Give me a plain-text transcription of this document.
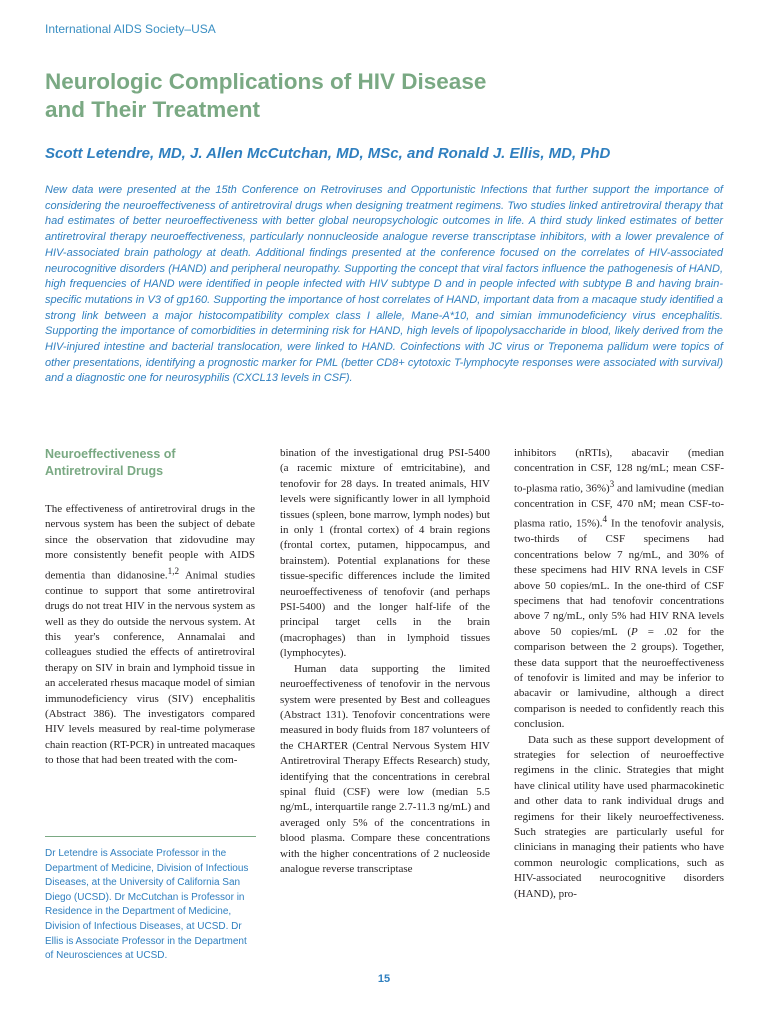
International AIDS Society–USA
Neurologic Complications of HIV Disease
and Their Treatment

Scott Letendre, MD, J. Allen McCutchan, MD, MSc, and Ronald J. Ellis, MD, PhD

New data were presented at the 15th Conference on Retroviruses and Opportunistic Infections that further support the importance of considering the neuroeffectiveness of antiretroviral drugs when designing treatment regimens. Two studies linked antiretroviral therapy that had estimates of better neuroeffectiveness with better global neuropsychologic outcomes in life. A third study linked estimates of better antiretroviral therapy neuroeffectiveness, particularly nonnucleoside analogue reverse transcriptase inhibitors, with a lower prevalence of HIV-associated brain pathology at death. Additional findings presented at the conference focused on the correlates of HIV-associated neurocognitive disorders (HAND) and peripheral neuropathy. Supporting the concept that viral factors influence the pathogenesis of HAND, high frequencies of HAND were identified in people infected with HIV subtype D and in people infected with subtype B and having brain-specific mutations in V3 of gp160. Supporting the importance of host correlates of HAND, important data from a macaque study identified a strong link between a major histocompatibility complex class I allele, Mane-A*10, and simian immunodeficiency virus encephalitis. Supporting the importance of comorbidities in determining risk for HAND, high levels of lipopolysaccharide in blood, likely derived from the HIV-injured intestine and bacterial translocation, were linked to HAND. Coinfections with JC virus or Treponema pallidum were topics of other presentations, identifying a prognostic marker for PML (better CD8+ cytotoxic T-lymphocyte responses were associated with survival) and a diagnostic one for neurosyphilis (CXCL13 levels in CSF).

Neuroeffectiveness of
Antiretroviral Drugs

The effectiveness of antiretroviral drugs in the nervous system has been the subject of debate since the observation that zidovudine may more consistently benefit people with AIDS dementia than didanosine.$^{1,2}$ Animal studies continue to support that some antiretroviral drugs do not treat HIV in the nervous system as well as they do outside the nervous system. At this year's conference, Annamalai and colleagues studied the effects of antiretroviral therapy on SIV in brain and lymphoid tissue in an accelerated rhesus macaque model of simian immunodeficiency virus (SIV) encephalitis (Abstract 386). The investigators compared HIV levels measured by real-time polymerase chain reaction (RT-PCR) in untreated macaques to those that had been treated with the com-

bination of the investigational drug PSI-5400 (a racemic mixture of emtricitabine), and tenofovir for 28 days. In treated animals, HIV levels were significantly lower in all lymphoid tissues (spleen, bone marrow, lymph nodes) but in only 1 (frontal cortex) of 4 brain regions (frontal cortex, putamen, hippocampus, and brainstem). Potential explanations for these tissue-specific differences include the limited neuroeffectiveness of tenofovir (and perhaps PSI-5400) and the longer half-life of the principal target cells in the brain (macrophages) than in lymphoid tissues (lymphocytes).

Human data supporting the limited neuroeffectiveness of tenofovir in the nervous system were presented by Best and colleagues (Abstract 131). Tenofovir concentrations were measured in body fluids from 187 volunteers of the CHARTER (Central Nervous System HIV Antiretroviral Therapy Effects Research) study, identifying that the concentrations in cerebral spinal fluid (CSF) were low (median 5.5 ng/mL, interquartile range 2.7-11.3 ng/mL) and averaged only 5% of the concentrations in blood plasma. Compare these concentrations with the higher concentrations of 2 nucleoside analogue reverse transcriptase

inhibitors (nRTIs), abacavir (median concentration in CSF, 128 ng/mL; mean CSF-to-plasma ratio, 36%)$^3$ and lamivudine (median concentration in CSF, 470 nM; mean CSF-to-plasma ratio, 15%).$^4$ In the tenofovir analysis, two-thirds of CSF specimens had concentrations below 7 ng/mL, and 30% of these specimens had HIV RNA levels in CSF above 50 copies/mL. In the one-third of CSF specimens that had tenofovir concentrations above 7 ng/mL, only 5% had HIV RNA levels above 50 copies/mL (P = .02 for the comparison between the 2 groups). Together, these data support that the neuroeffectiveness of tenofovir is limited and may be inferior to abacavir or lamivudine, although a direct comparison is needed to confidently reach this conclusion.

Data such as these support development of strategies for selection of neuroeffective regimens in the clinic. Strategies that might have clinical utility have used pharmacokinetic and other data to rank individual drugs and regimens for their likely neuroeffectiveness. Such strategies are particularly useful for clinicians in managing their patients who have common neurologic complications, such as HIV-associated neurocognitive disorders (HAND), pro-

Dr Letendre is Associate Professor in the Department of Medicine, Division of Infectious Diseases, at the University of California San Diego (UCSD). Dr McCutchan is Professor in Residence in the Department of Medicine, Division of Infectious Diseases, at UCSD. Dr Ellis is Associate Professor in the Department of Neurosciences at UCSD.
15
